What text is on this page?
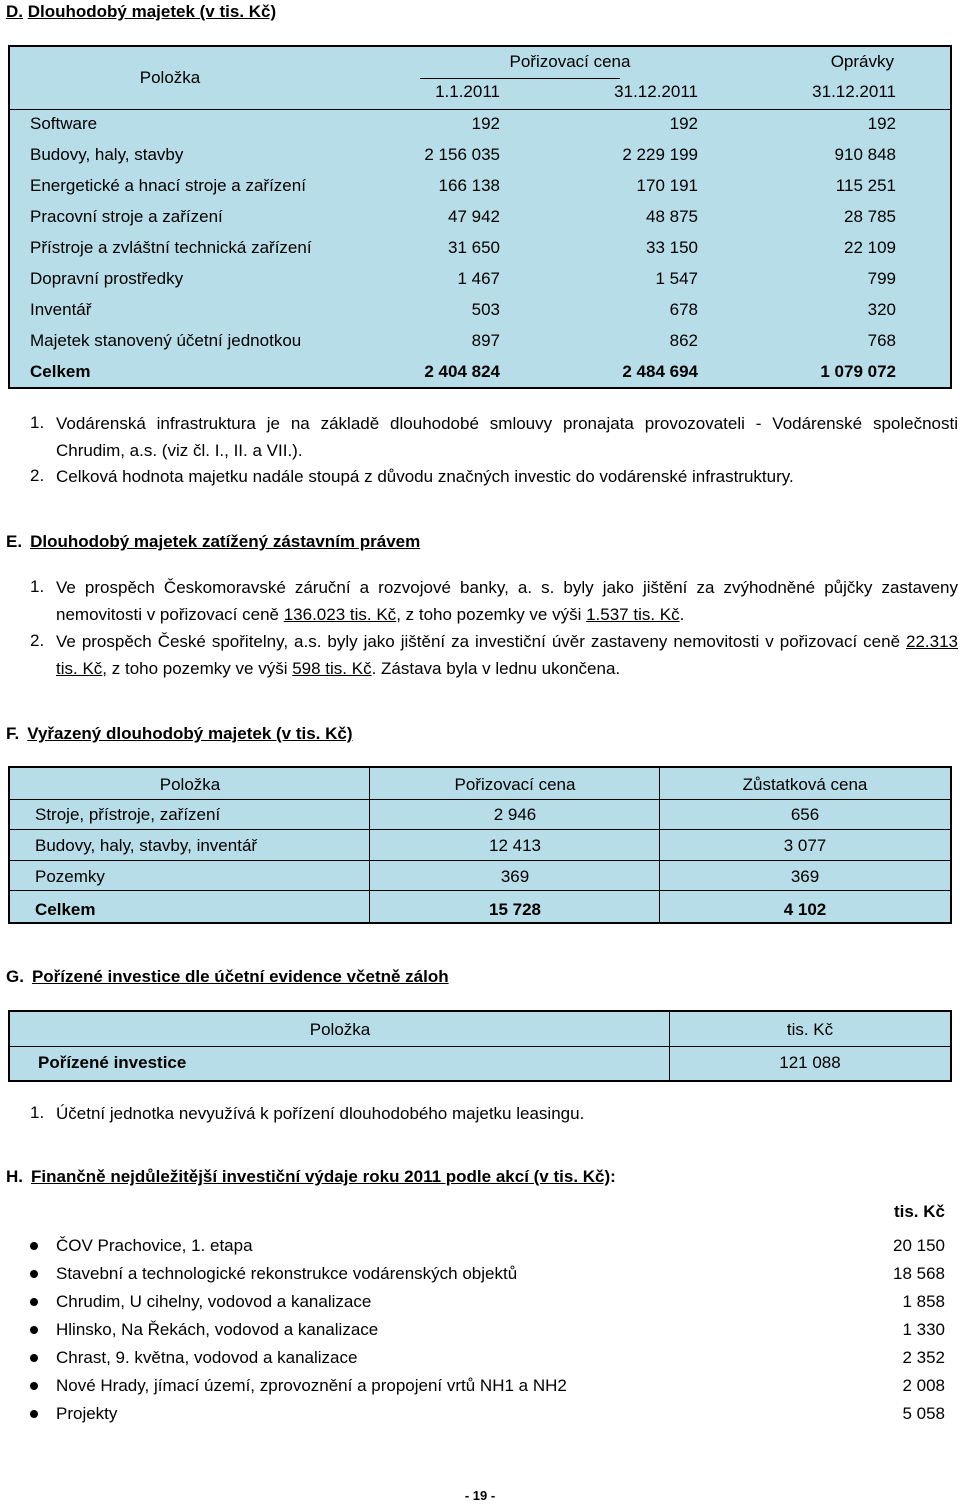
D. Dlouhodobý majetek (v tis. Kč)
Položka
Pořizovací cena	Oprávky
1.1.2011	31.12.2011	31.12.2011
Software	192	192	192
Budovy, haly, stavby	2 156 035	2 229 199	910 848
Energetické a hnací stroje a zařízení	166 138	170 191	115 251
Pracovní stroje a zařízení	47 942	48 875	28 785
Přístroje a zvláštní technická zařízení	31 650	33 150	22 109
Dopravní prostředky	1 467	1 547	799
Inventář	503	678	320
Majetek stanovený účetní jednotkou	897	862	768
Celkem	2 404 824	2 484 694	1 079 072
1. Vodárenská infrastruktura je na základě dlouhodobé smlouvy pronajata provozovateli - Vodárenské společnosti Chrudim, a.s. (viz čl. I., II. a VII.).
2. Celková hodnota majetku nadále stoupá z důvodu značných investic do vodárenské infrastruktury.
E. Dlouhodobý majetek zatížený zástavním právem
1. Ve prospěch Českomoravské záruční a rozvojové banky, a. s. byly jako jištění za zvýhodněné půjčky zastaveny nemovitosti v pořizovací ceně 136.023 tis. Kč, z toho pozemky ve výši 1.537 tis. Kč.
2. Ve prospěch České spořitelny, a.s. byly jako jištění za investiční úvěr zastaveny nemovitosti v pořizovací ceně 22.313 tis. Kč, z toho pozemky ve výši 598 tis. Kč. Zástava byla v lednu ukončena.
F. Vyřazený dlouhodobý majetek (v tis. Kč)
Položka	Pořizovací cena	Zůstatková cena
Stroje, přístroje, zařízení	2 946	656
Budovy, haly, stavby, inventář	12 413	3 077
Pozemky	369	369
Celkem	15 728	4 102
G. Pořízené investice dle účetní evidence včetně záloh
Položka	tis. Kč
Pořízené investice	121 088
1. Účetní jednotka nevyužívá k pořízení dlouhodobého majetku leasingu.
H. Finančně nejdůležitější investiční výdaje roku 2011 podle akcí (v tis. Kč):
tis. Kč
ČOV Prachovice, 1. etapa	20 150
Stavební a technologické rekonstrukce vodárenských objektů	18 568
Chrudim, U cihelny, vodovod a kanalizace	1 858
Hlinsko, Na Řekách, vodovod a kanalizace	1 330
Chrast, 9. května, vodovod a kanalizace	2 352
Nové Hrady, jímací území, zprovoznění a propojení vrtů NH1 a NH2	2 008
Projekty	5 058
- 19 -
